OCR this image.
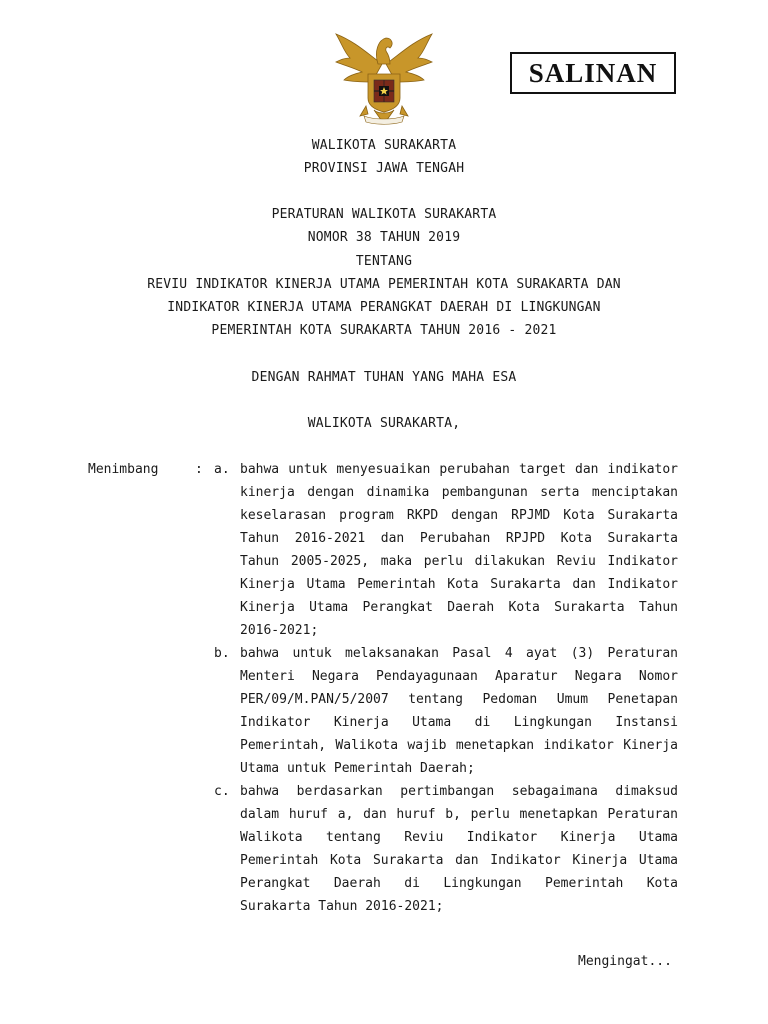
SALINAN
WALIKOTA SURAKARTA
PROVINSI JAWA TENGAH
PERATURAN WALIKOTA SURAKARTA
NOMOR 38 TAHUN 2019
TENTANG
REVIU INDIKATOR KINERJA UTAMA PEMERINTAH KOTA SURAKARTA DAN
INDIKATOR KINERJA UTAMA PERANGKAT DAERAH DI LINGKUNGAN
PEMERINTAH KOTA SURAKARTA TAHUN 2016 - 2021
DENGAN RAHMAT TUHAN YANG MAHA ESA
WALIKOTA SURAKARTA,
Menimbang	: a. bahwa untuk menyesuaikan perubahan target dan indikator kinerja dengan dinamika pembangunan serta menciptakan keselarasan program RKPD dengan RPJMD Kota Surakarta Tahun 2016-2021 dan Perubahan RPJPD Kota Surakarta Tahun 2005-2025, maka perlu dilakukan Reviu Indikator Kinerja Utama Pemerintah Kota Surakarta dan Indikator Kinerja Utama Perangkat Daerah Kota Surakarta Tahun 2016-2021;
b. bahwa untuk melaksanakan Pasal 4 ayat (3) Peraturan Menteri Negara Pendayagunaan Aparatur Negara Nomor PER/09/M.PAN/5/2007 tentang Pedoman Umum Penetapan Indikator Kinerja Utama di Lingkungan Instansi Pemerintah, Walikota wajib menetapkan indikator Kinerja Utama untuk Pemerintah Daerah;
c. bahwa berdasarkan pertimbangan sebagaimana dimaksud dalam huruf a, dan huruf b, perlu menetapkan Peraturan Walikota tentang Reviu Indikator Kinerja Utama Pemerintah Kota Surakarta dan Indikator Kinerja Utama Perangkat Daerah di Lingkungan Pemerintah Kota Surakarta Tahun 2016-2021;
Mengingat...
